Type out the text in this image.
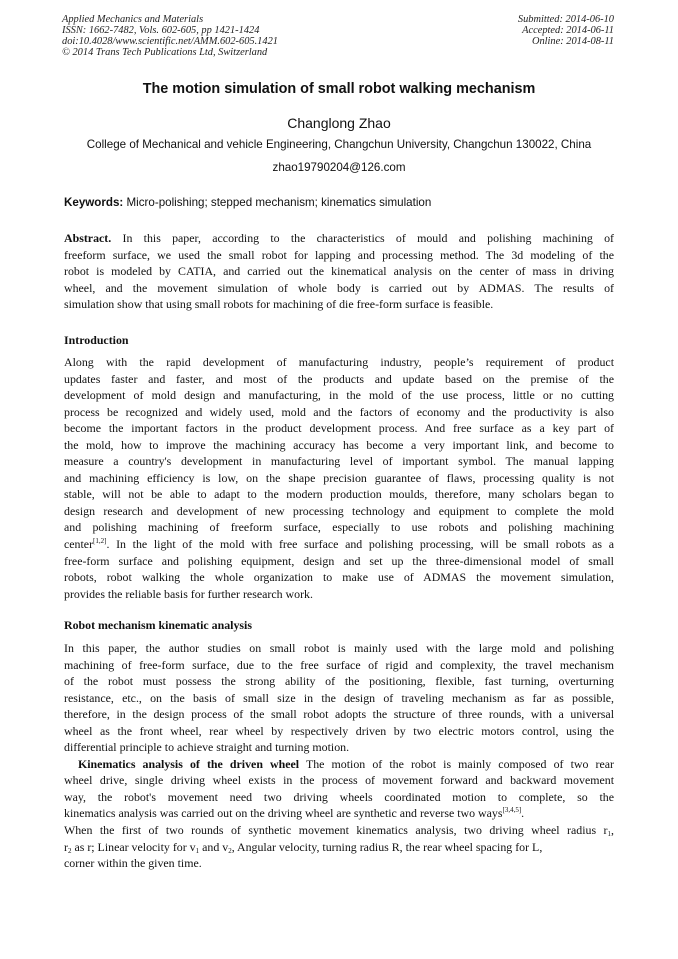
Applied Mechanics and Materials
ISSN: 1662-7482, Vols. 602-605, pp 1421-1424
doi:10.4028/www.scientific.net/AMM.602-605.1421
© 2014 Trans Tech Publications Ltd, Switzerland
Submitted: 2014-06-10
Accepted: 2014-06-11
Online: 2014-08-11
The motion simulation of small robot walking mechanism
Changlong Zhao
College of Mechanical and vehicle Engineering, Changchun University, Changchun 130022, China
zhao19790204@126.com
Keywords: Micro-polishing; stepped mechanism; kinematics simulation
Abstract. In this paper, according to the characteristics of mould and polishing machining of
freeform surface, we used the small robot for lapping and processing method. The 3d modeling of the
robot is modeled by CATIA, and carried out the kinematical analysis on the center of mass in driving
wheel, and the movement simulation of whole body is carried out by ADMAS. The results of
simulation show that using small robots for machining of die free-form surface is feasible.
Introduction
Along with the rapid development of manufacturing industry, people’s requirement of product
updates faster and faster, and most of the products and update based on the premise of the
development of mold design and manufacturing, in the mold of the use process, little or no cutting
process be recognized and widely used, mold and the factors of economy and the productivity is also
become the important factors in the product development process. And free surface as a key part of
the mold, how to improve the machining accuracy has become a very important link, and become to
measure a country's development in manufacturing level of important symbol. The manual lapping
and machining efficiency is low, on the shape precision guarantee of flaws, processing quality is not
stable, will not be able to adapt to the modern production moulds, therefore, many scholars began to
design research and development of new processing technology and equipment to complete the mold
and polishing machining of freeform surface, especially to use robots and polishing machining
center[1,2]. In the light of the mold with free surface and polishing processing, will be small robots as a
free-form surface and polishing equipment, design and set up the three-dimensional model of small
robots, robot walking the whole organization to make use of ADMAS the movement simulation,
provides the reliable basis for further research work.
Robot mechanism kinematic analysis
In this paper, the author studies on small robot is mainly used with the large mold and polishing
machining of free-form surface, due to the free surface of rigid and complexity, the travel mechanism
of the robot must possess the strong ability of the positioning, flexible, fast turning, overturning
resistance, etc., on the basis of small size in the design of traveling mechanism as far as possible,
therefore, in the design process of the small robot adopts the structure of three rounds, with a universal
wheel as the front wheel, rear wheel by respectively driven by two electric motors control, using the
differential principle to achieve straight and turning motion.
Kinematics analysis of the driven wheel The motion of the robot is mainly composed of two rear
wheel drive, single driving wheel exists in the process of movement forward and backward movement
way, the robot's movement need two driving wheels coordinated motion to complete, so the
kinematics analysis was carried out on the driving wheel are synthetic and reverse two ways[3,4,5].
When the first of two rounds of synthetic movement kinematics analysis, two driving wheel radius $r_1$,
$r_2$ as r; Linear velocity for $v_1$ and $v_2$, Angular velocity, turning radius R, the rear wheel spacing for L,
corner within the given time.
